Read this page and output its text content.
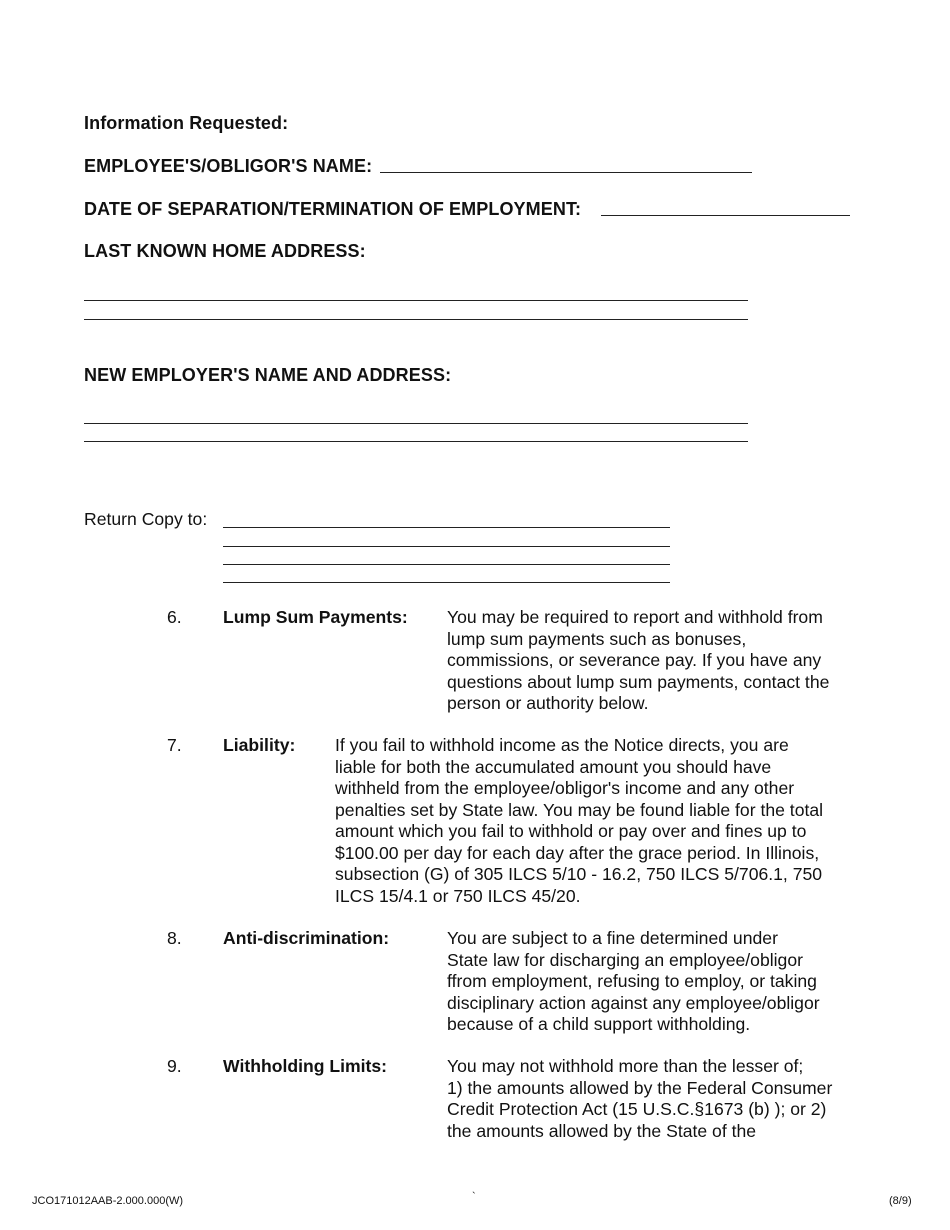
Information Requested:
EMPLOYEE'S/OBLIGOR'S NAME:
DATE OF SEPARATION/TERMINATION OF EMPLOYMENT:
LAST KNOWN HOME ADDRESS:
NEW EMPLOYER'S NAME AND ADDRESS:
Return Copy to:
6. Lump Sum Payments: You may be required to report and withhold from
lump sum payments such as bonuses,
commissions, or severance pay. If you have any
questions about lump sum payments, contact the
person or authority below.
7. Liability: If you fail to withhold income as the Notice directs, you are
liable for both the accumulated amount you should have
withheld from the employee/obligor's income and any other
penalties set by State law. You may be found liable for the total
amount which you fail to withhold or pay over and fines up to
$100.00 per day for each day after the grace period. In Illinois,
subsection (G) of 305 ILCS 5/10 - 16.2, 750 ILCS 5/706.1, 750
ILCS 15/4.1 or 750 ILCS 45/20.
8. Anti-discrimination:	You are subject to a fine determined under
State law for discharging an employee/obligor
ffrom employment, refusing to employ, or taking
disciplinary action against any employee/obligor
because of a child support withholding.
9. Withholding Limits:	You may not withhold more than the lesser of;
1) the amounts allowed by the Federal Consumer
Credit Protection Act (15 U.S.C.§1673 (b) ); or 2)
the amounts allowed by the State of the
JCO171012AAB-2.000.000(W)	`	(8/9)
